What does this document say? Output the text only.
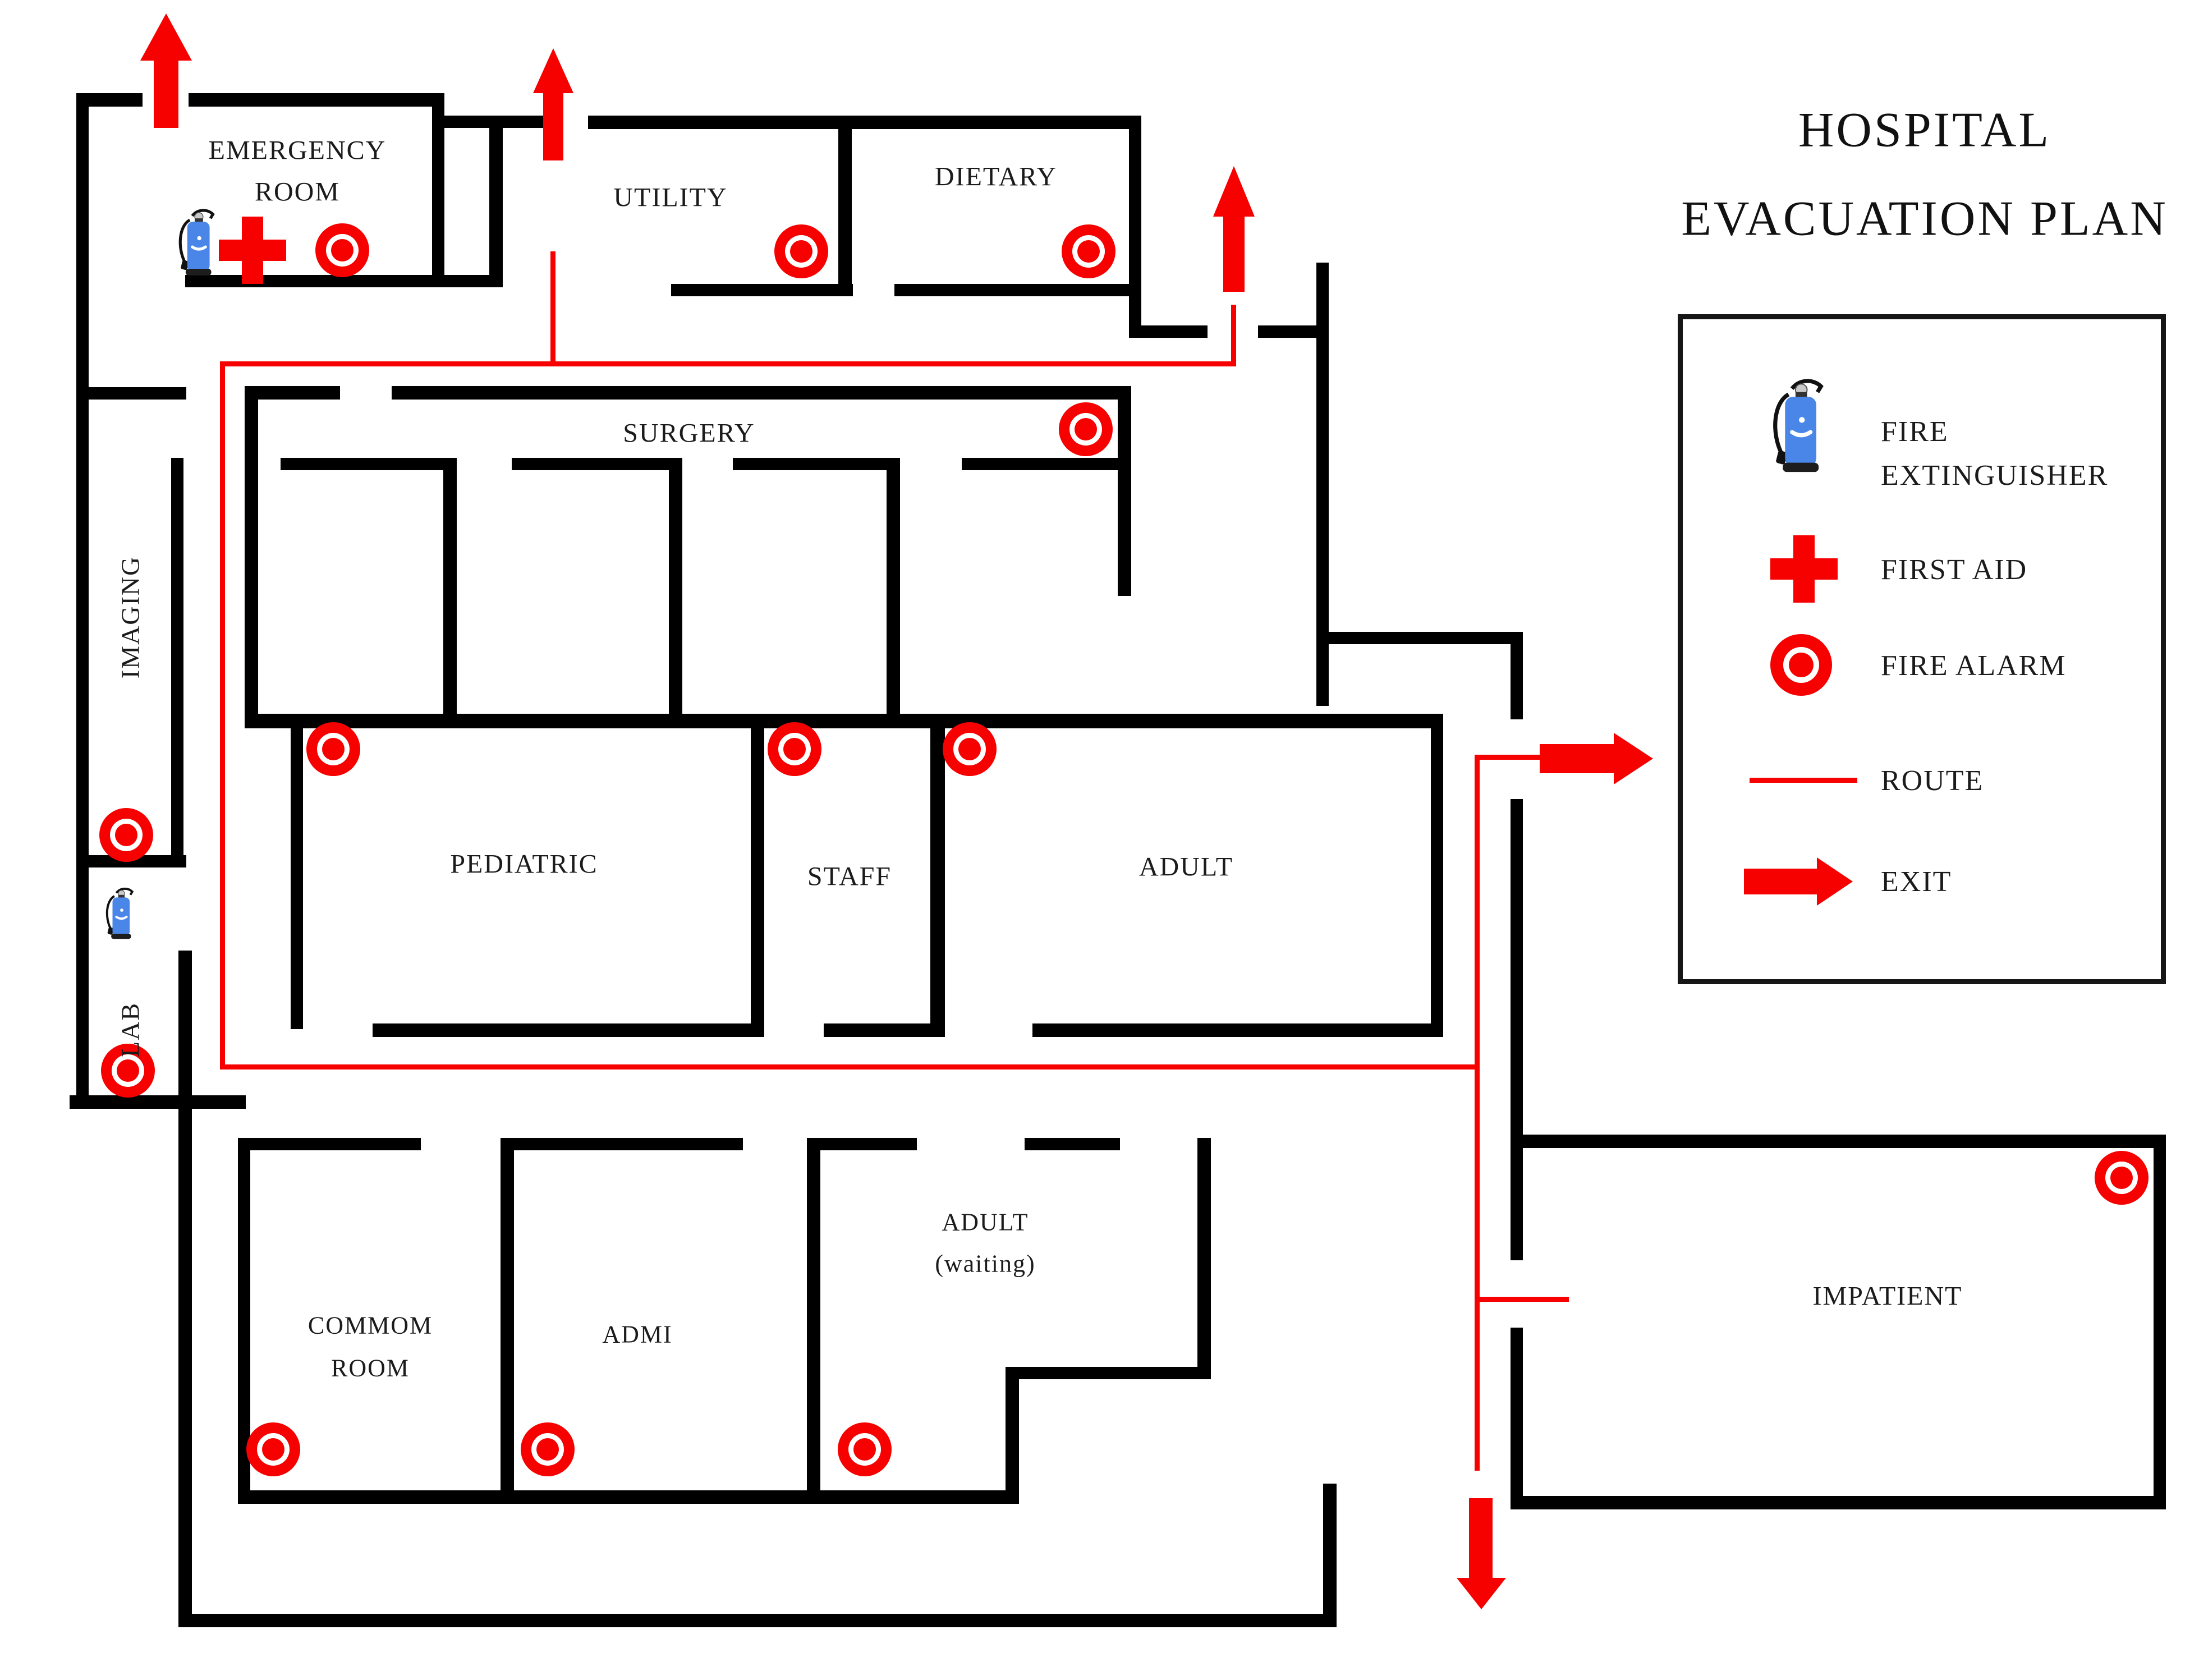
EMERGENCY
ROOM	UTILITY
DIETARY
SURGERY
IMAGING
LAB
PEDIATRIC	STAFF	ADULT
COMMOM
ROOM
ADMI
ADULT
(waiting)
IMPATIENT
HOSPITAL
EVACUATION PLAN
FIRE
EXTINGUISHER
FIRST AID
FIRE ALARM
ROUTE
EXIT
